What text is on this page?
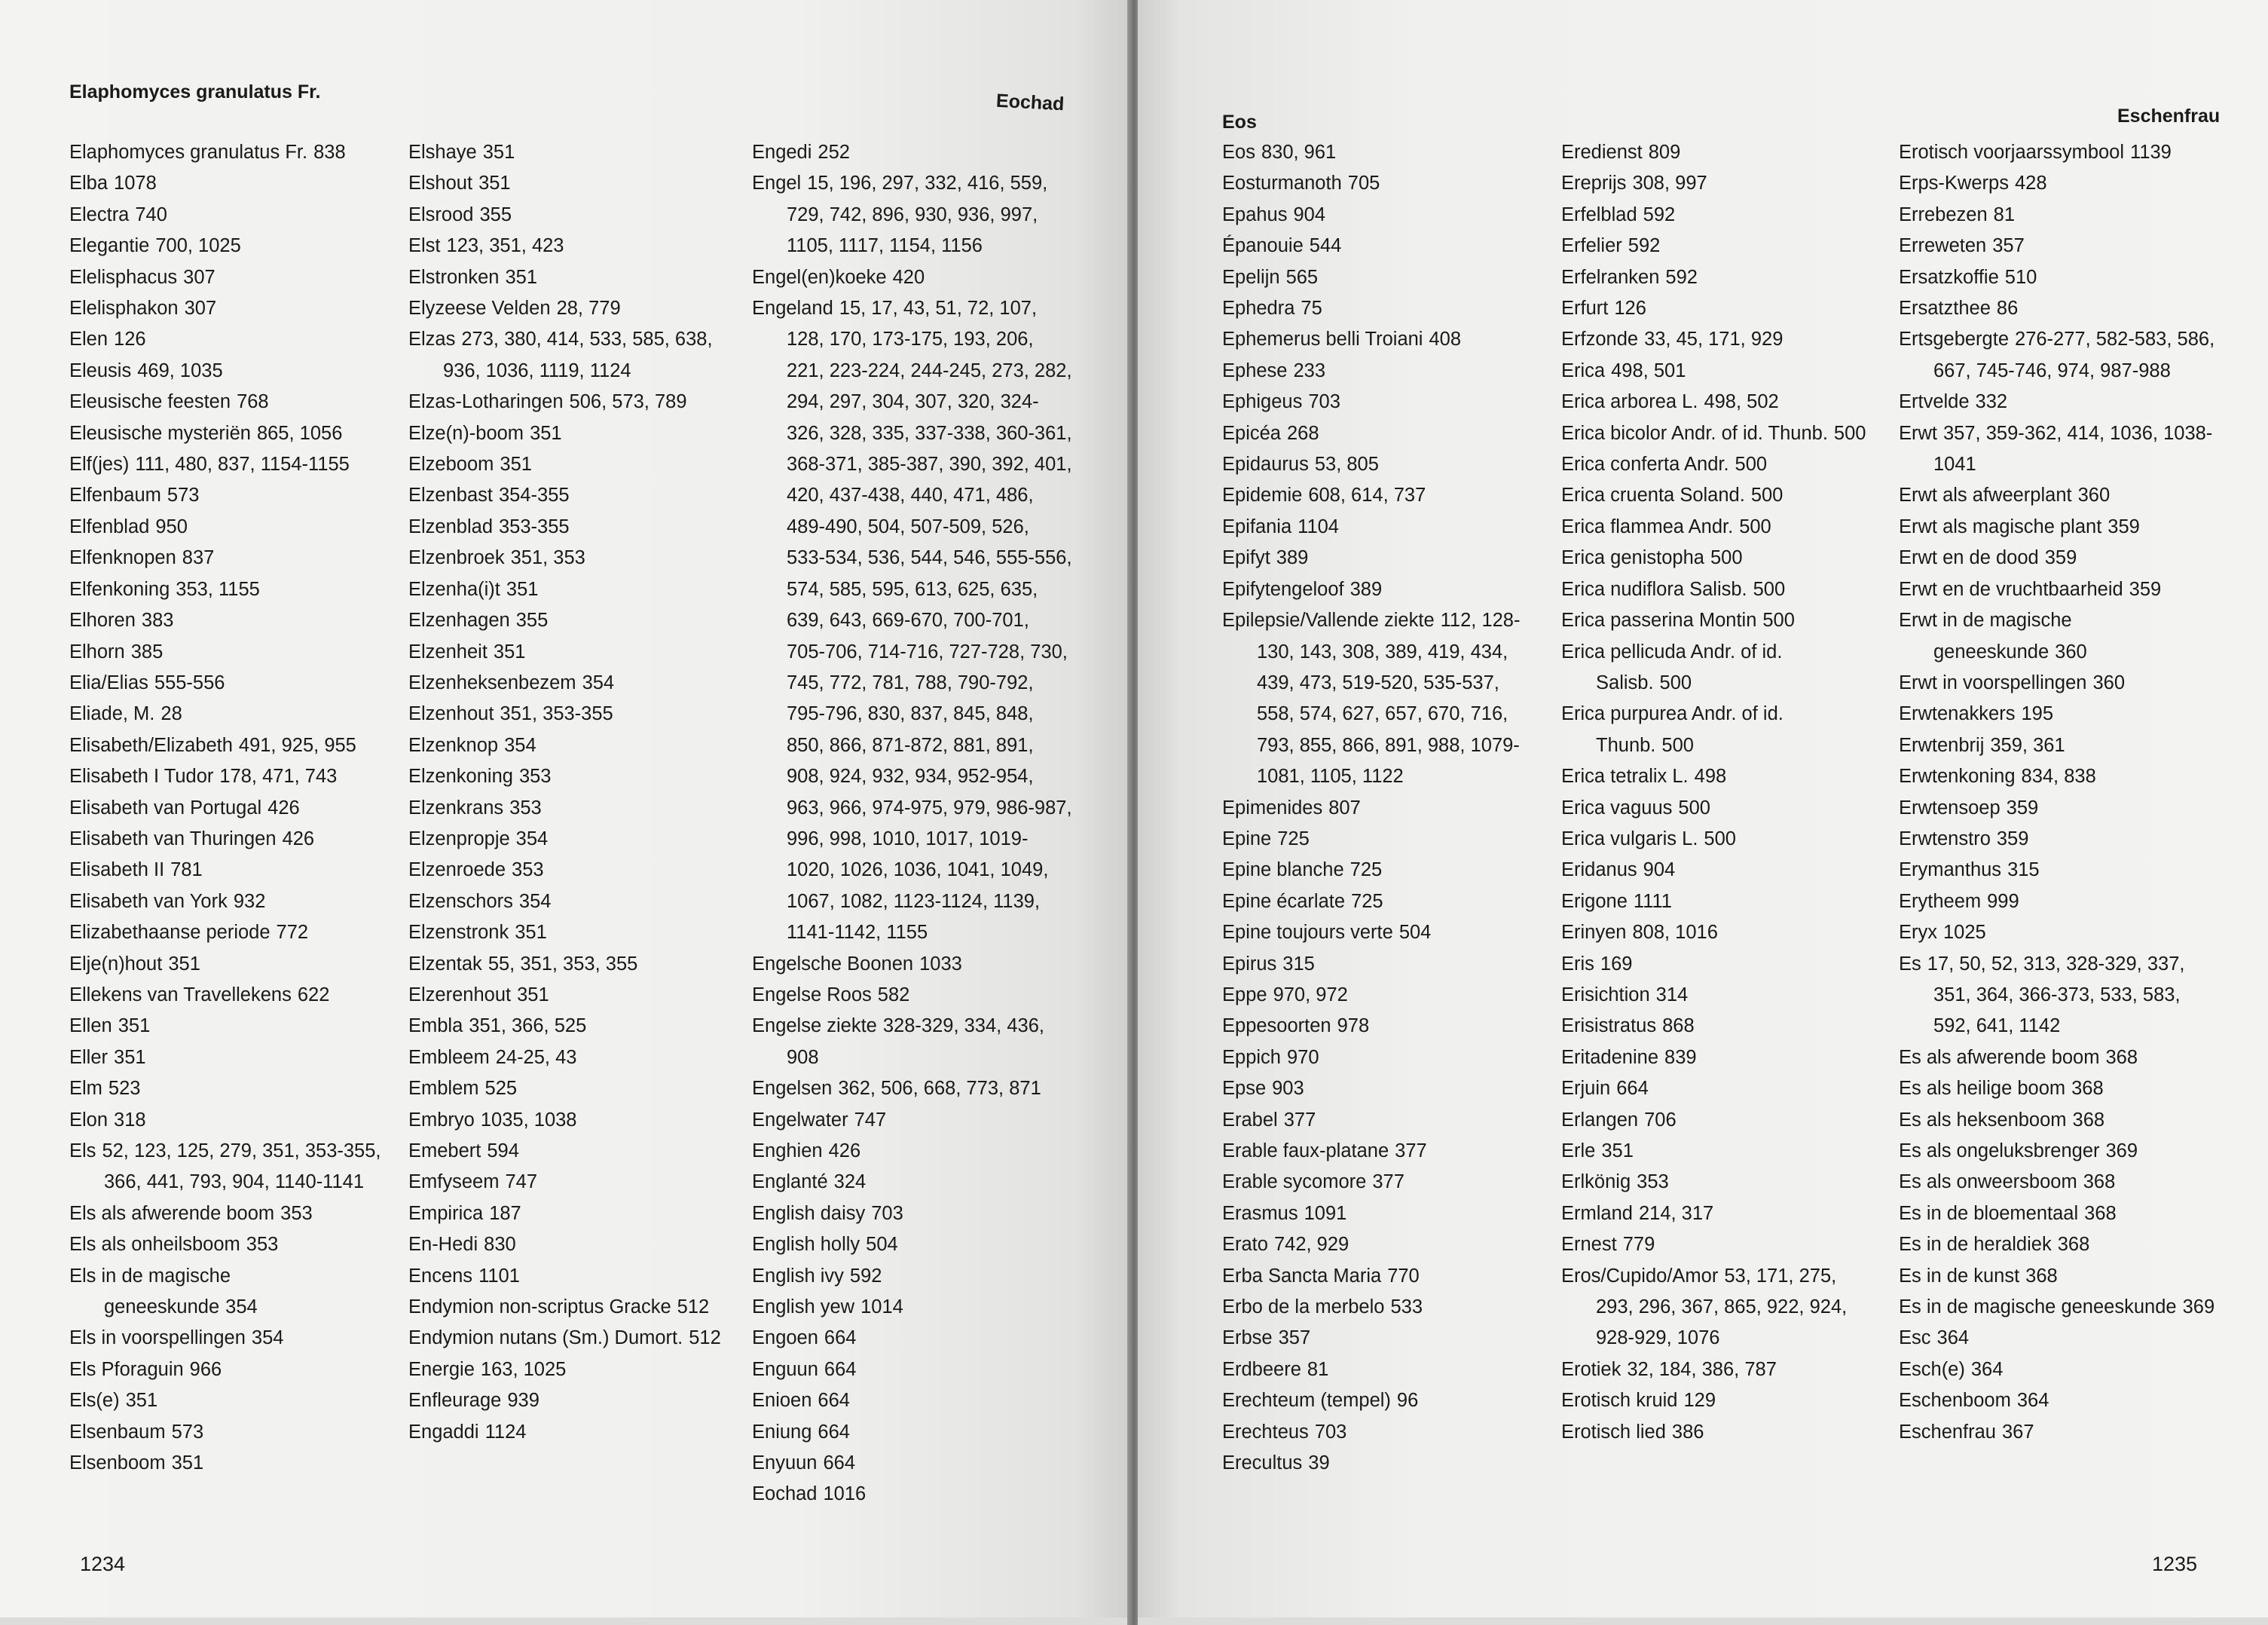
Elaphomyces granulatus Fr.	Eochad

Elaphomyces granulatus Fr. 838

Elba 1078

Electra 740

Elegantie 700, 1025

Elelisphacus 307

Elelisphakon 307

Elen 126

Eleusis 469, 1035

Eleusische feesten 768

Eleusische mysteriën 865, 1056

Elf(jes) 111, 480, 837, 1154-1155

Elfenbaum 573

Elfenblad 950

Elfenknopen 837

Elfenkoning 353, 1155

Elhoren 383

Elhorn 385

Elia/Elias 555-556

Eliade, M. 28

Elisabeth/Elizabeth 491, 925, 955

Elisabeth I Tudor 178, 471, 743

Elisabeth van Portugal 426

Elisabeth van Thuringen 426

Elisabeth II 781

Elisabeth van York 932

Elizabethaanse periode 772

Elje(n)hout 351

Ellekens van Travellekens 622

Ellen 351

Eller 351

Elm 523

Elon 318

Els 52, 123, 125, 279, 351, 353-355, 366, 441, 793, 904, 1140-1141

Els als afwerende boom 353

Els als onheilsboom 353

Els in de magische geneeskunde 354

Els in voorspellingen 354

Els Pforaguin 966

Els(e) 351

Elsenbaum 573

Elsenboom 351

Elshaye 351

Elshout 351

Elsrood 355

Elst 123, 351, 423

Elstronken 351

Elyzeese Velden 28, 779

Elzas 273, 380, 414, 533, 585, 638, 936, 1036, 1119, 1124

Elzas-Lotharingen 506, 573, 789

Elze(n)-boom 351

Elzeboom 351

Elzenbast 354-355

Elzenblad 353-355

Elzenbroek 351, 353

Elzenha(i)t 351

Elzenhagen 355

Elzenheit 351

Elzenheksenbezem 354

Elzenhout 351, 353-355

Elzenknop 354

Elzenkoning 353

Elzenkrans 353

Elzenpropje 354

Elzenroede 353

Elzenschors 354

Elzenstronk 351

Elzentak 55, 351, 353, 355

Elzerenhout 351

Embla 351, 366, 525

Embleem 24-25, 43

Emblem 525

Embryo 1035, 1038

Emebert 594

Emfyseem 747

Empirica 187

En-Hedi 830

Encens 1101

Endymion non-scriptus Gracke 512

Endymion nutans (Sm.) Dumort. 512

Energie 163, 1025

Enfleurage 939

Engaddi 1124

Engedi 252

Engel 15, 196, 297, 332, 416, 559, 729, 742, 896, 930, 936, 997, 1105, 1117, 1154, 1156

Engel(en)koeke 420

Engeland 15, 17, 43, 51, 72, 107, 128, 170, 173-175, 193, 206, 221, 223-224, 244-245, 273, 282, 294, 297, 304, 307, 320, 324-326, 328, 335, 337-338, 360-361, 368-371, 385-387, 390, 392, 401, 420, 437-438, 440, 471, 486, 489-490, 504, 507-509, 526, 533-534, 536, 544, 546, 555-556, 574, 585, 595, 613, 625, 635, 639, 643, 669-670, 700-701, 705-706, 714-716, 727-728, 730, 745, 772, 781, 788, 790-792, 795-796, 830, 837, 845, 848, 850, 866, 871-872, 881, 891, 908, 924, 932, 934, 952-954, 963, 966, 974-975, 979, 986-987, 996, 998, 1010, 1017, 1019-1020, 1026, 1036, 1041, 1049, 1067, 1082, 1123-1124, 1139, 1141-1142, 1155

Engelsche Boonen 1033

Engelse Roos 582

Engelse ziekte 328-329, 334, 436, 908

Engelsen 362, 506, 668, 773, 871

Engelwater 747

Enghien 426

Englanté 324

English daisy 703

English holly 504

English ivy 592

English yew 1014

Engoen 664

Enguun 664

Enioen 664

Eniung 664

Enyuun 664

Eochad 1016

1234
Eos	Eschenfrau

Eos 830, 961

Eosturmanoth 705

Epahus 904

Épanouie 544

Epelijn 565

Ephedra 75

Ephemerus belli Troiani 408

Ephese 233

Ephigeus 703

Epicéa 268

Epidaurus 53, 805

Epidemie 608, 614, 737

Epifania 1104

Epifyt 389

Epifytengeloof 389

Epilepsie/Vallende ziekte 112, 128-130, 143, 308, 389, 419, 434, 439, 473, 519-520, 535-537, 558, 574, 627, 657, 670, 716, 793, 855, 866, 891, 988, 1079-1081, 1105, 1122

Epimenides 807

Epine 725

Epine blanche 725

Epine écarlate 725

Epine toujours verte 504

Epirus 315

Eppe 970, 972

Eppesoorten 978

Eppich 970

Epse 903

Erabel 377

Erable faux-platane 377

Erable sycomore 377

Erasmus 1091

Erato 742, 929

Erba Sancta Maria 770

Erbo de la merbelo 533

Erbse 357

Erdbeere 81

Erechteum (tempel) 96

Erechteus 703

Erecultus 39

Eredienst 809

Ereprijs 308, 997

Erfelblad 592

Erfelier 592

Erfelranken 592

Erfurt 126

Erfzonde 33, 45, 171, 929

Erica 498, 501

Erica arborea L. 498, 502

Erica bicolor Andr. of id. Thunb. 500

Erica conferta Andr. 500

Erica cruenta Soland. 500

Erica flammea Andr. 500

Erica genistopha 500

Erica nudiflora Salisb. 500

Erica passerina Montin 500

Erica pellicuda Andr. of id. Salisb. 500

Erica purpurea Andr. of id. Thunb. 500

Erica tetralix L. 498

Erica vaguus 500

Erica vulgaris L. 500

Eridanus 904

Erigone 1111

Erinyen 808, 1016

Eris 169

Erisichtion 314

Erisistratus 868

Eritadenine 839

Erjuin 664

Erlangen 706

Erle 351

Erlkönig 353

Ermland 214, 317

Ernest 779

Eros/Cupido/Amor 53, 171, 275, 293, 296, 367, 865, 922, 924, 928-929, 1076

Erotiek 32, 184, 386, 787

Erotisch kruid 129

Erotisch lied 386

Erotisch voorjaarssymbool 1139

Erps-Kwerps 428

Errebezen 81

Erreweten 357

Ersatzkoffie 510

Ersatzthee 86

Ertsgebergte 276-277, 582-583, 586, 667, 745-746, 974, 987-988

Ertvelde 332

Erwt 357, 359-362, 414, 1036, 1038-1041

Erwt als afweerplant 360

Erwt als magische plant 359

Erwt en de dood 359

Erwt en de vruchtbaarheid 359

Erwt in de magische geneeskunde 360

Erwt in voorspellingen 360

Erwtenakkers 195

Erwtenbrij 359, 361

Erwtenkoning 834, 838

Erwtensoep 359

Erwtenstro 359

Erymanthus 315

Erytheem 999

Eryx 1025

Es 17, 50, 52, 313, 328-329, 337, 351, 364, 366-373, 533, 583, 592, 641, 1142

Es als afwerende boom 368

Es als heilige boom 368

Es als heksenboom 368

Es als ongeluksbrenger 369

Es als onweersboom 368

Es in de bloementaal 368

Es in de heraldiek 368

Es in de kunst 368

Es in de magische geneeskunde 369

Esc 364

Esch(e) 364

Eschenboom 364

Eschenfrau 367

1235
